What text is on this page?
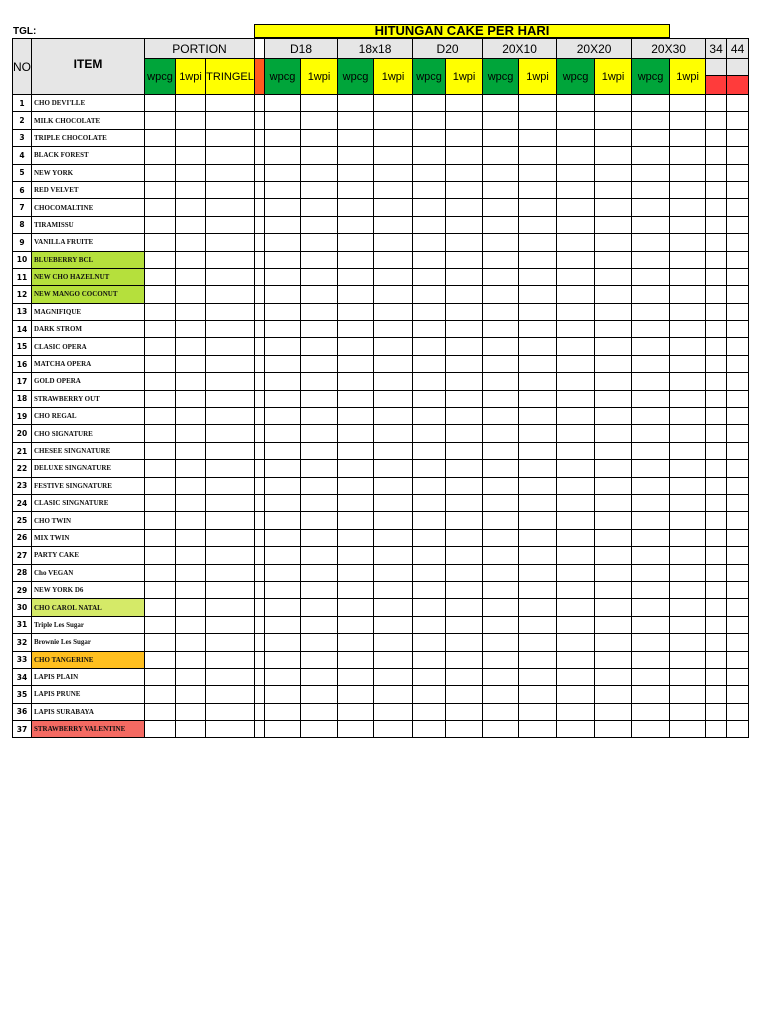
TGL:	HITUNGAN CAKE PER HARI
NO	ITEM	PORTION				D18		18x18		D20		20X10		20X20		20X30		34	44
		wpcg	1wpi	TRINGEL		wpcg	1wpi	wpcg	1wpi	wpcg	1wpi	wpcg	1wpi	wpcg	1wpi	wpcg	1wpi	

1	CHO DEVI'LLE																		
2	MILK CHOCOLATE																		
3	TRIPLE CHOCOLATE																		
4	BLACK FOREST																		
5	NEW YORK																		
6	RED VELVET																		
7	CHOCOMALTINE																		
8	TIRAMISSU																		
9	VANILLA FRUITE																		
10	BLUEBERRY BCL																		
11	NEW CHO HAZELNUT																		
12	NEW MANGO COCONUT																		
13	MAGNIFIQUE																		
14	DARK STROM																		
15	CLASIC OPERA																		
16	MATCHA OPERA																		
17	GOLD OPERA																		
18	STRAWBERRY OUT																		
19	CHO REGAL																		
20	CHO SIGNATURE																		
21	CHESEE SINGNATURE																		
22	DELUXE SINGNATURE																		
23	FESTIVE SINGNATURE																		
24	CLASIC SINGNATURE																		
25	CHO TWIN																		
26	MIX TWIN																		
27	PARTY CAKE																		
28	Cho VEGAN																		
29	NEW YORK D6																		
30	CHO CAROL NATAL																		
31	Triple Les Sugar																		
32	Brownie Les Sugar																		
33	CHO TANGERINE																		
34	LAPIS PLAIN																		
35	LAPIS PRUNE																		
36	LAPIS SURABAYA																		
37	STRAWBERRY VALENTINE																		
